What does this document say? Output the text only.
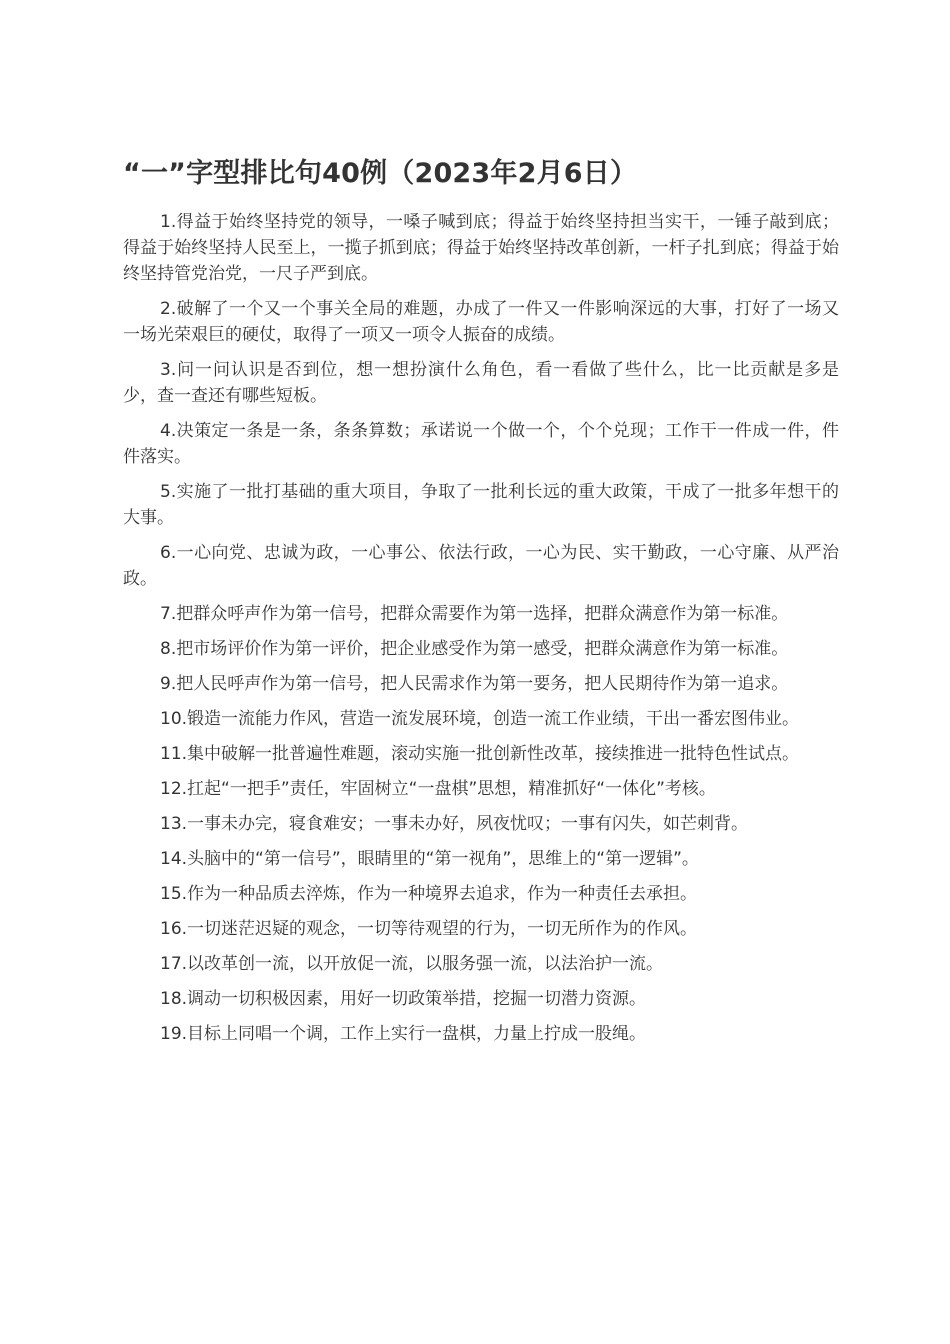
“一”字型排比句40例（2023年2月6日）

1.得益于始终坚持党的领导，一嗓子喊到底；得益于始终坚持担当实干，一锤子敲到底；得益于始终坚持人民至上，一揽子抓到底；得益于始终坚持改革创新，一杆子扎到底；得益于始终坚持管党治党，一尺子严到底。

2.破解了一个又一个事关全局的难题，办成了一件又一件影响深远的大事，打好了一场又一场光荣艰巨的硬仗，取得了一项又一项令人振奋的成绩。

3.问一问认识是否到位，想一想扮演什么角色，看一看做了些什么，比一比贡献是多是少，查一查还有哪些短板。

4.决策定一条是一条，条条算数；承诺说一个做一个，个个兑现；工作干一件成一件，件件落实。

5.实施了一批打基础的重大项目，争取了一批利长远的重大政策，干成了一批多年想干的大事。

6.一心向党、忠诚为政，一心事公、依法行政，一心为民、实干勤政，一心守廉、从严治政。

7.把群众呼声作为第一信号，把群众需要作为第一选择，把群众满意作为第一标准。

8.把市场评价作为第一评价，把企业感受作为第一感受，把群众满意作为第一标准。

9.把人民呼声作为第一信号，把人民需求作为第一要务，把人民期待作为第一追求。

10.锻造一流能力作风，营造一流发展环境，创造一流工作业绩，干出一番宏图伟业。

11.集中破解一批普遍性难题，滚动实施一批创新性改革，接续推进一批特色性试点。

12.扛起“一把手”责任，牢固树立“一盘棋”思想，精准抓好“一体化”考核。

13.一事未办完，寝食难安；一事未办好，夙夜忧叹；一事有闪失，如芒刺背。

14.头脑中的“第一信号”，眼睛里的“第一视角”，思维上的“第一逻辑”。

15.作为一种品质去淬炼，作为一种境界去追求，作为一种责任去承担。

16.一切迷茫迟疑的观念，一切等待观望的行为，一切无所作为的作风。

17.以改革创一流，以开放促一流，以服务强一流，以法治护一流。

18.调动一切积极因素，用好一切政策举措，挖掘一切潜力资源。

19.目标上同唱一个调，工作上实行一盘棋，力量上拧成一股绳。
